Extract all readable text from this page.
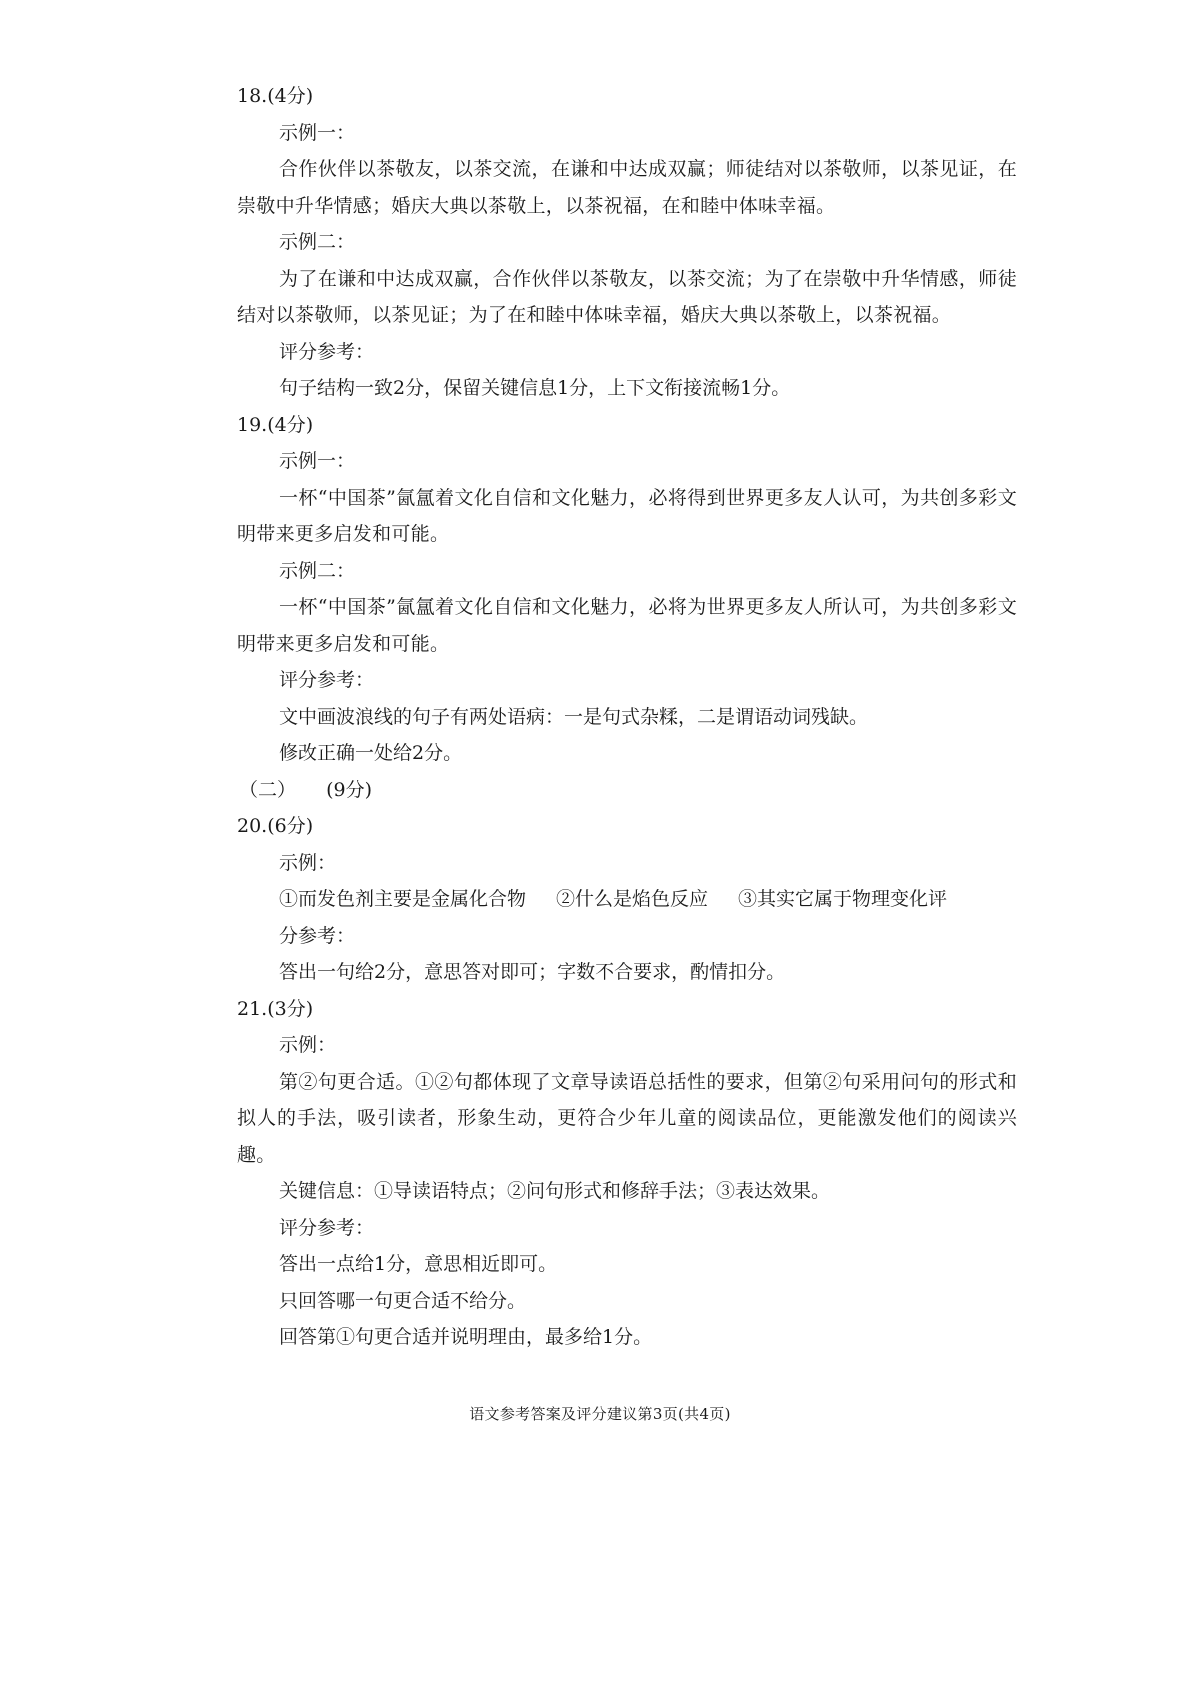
18.(4分)
示例一：
合作伙伴以茶敬友，以茶交流，在谦和中达成双赢；师徒结对以茶敬师，以茶见证，在崇敬中升华情感；婚庆大典以茶敬上，以茶祝福，在和睦中体味幸福。
示例二：
为了在谦和中达成双赢，合作伙伴以茶敬友，以茶交流；为了在崇敬中升华情感，师徒结对以茶敬师，以茶见证；为了在和睦中体味幸福，婚庆大典以茶敬上，以茶祝福。
评分参考：
句子结构一致2分，保留关键信息1分，上下文衔接流畅1分。
19.(4分)
示例一：
一杯“中国茶”氤氲着文化自信和文化魅力，必将得到世界更多友人认可，为共创多彩文明带来更多启发和可能。
示例二：
一杯“中国茶”氤氲着文化自信和文化魅力，必将为世界更多友人所认可，为共创多彩文明带来更多启发和可能。
评分参考：
文中画波浪线的句子有两处语病：一是句式杂糅，二是谓语动词残缺。
修改正确一处给2分。
（二） (9分)
20.(6分)
示例：
①而发色剂主要是金属化合物 ②什么是焰色反应 ③其实它属于物理变化评
分参考：
答出一句给2分，意思答对即可；字数不合要求，酌情扣分。
21.(3分)
示例：
第②句更合适。①②句都体现了文章导读语总括性的要求，但第②句采用问句的形式和拟人的手法，吸引读者，形象生动，更符合少年儿童的阅读品位，更能激发他们的阅读兴趣。
关键信息：①导读语特点；②问句形式和修辞手法；③表达效果。
评分参考：
答出一点给1分，意思相近即可。
只回答哪一句更合适不给分。
回答第①句更合适并说明理由，最多给1分。
语文参考答案及评分建议第3页(共4页)
